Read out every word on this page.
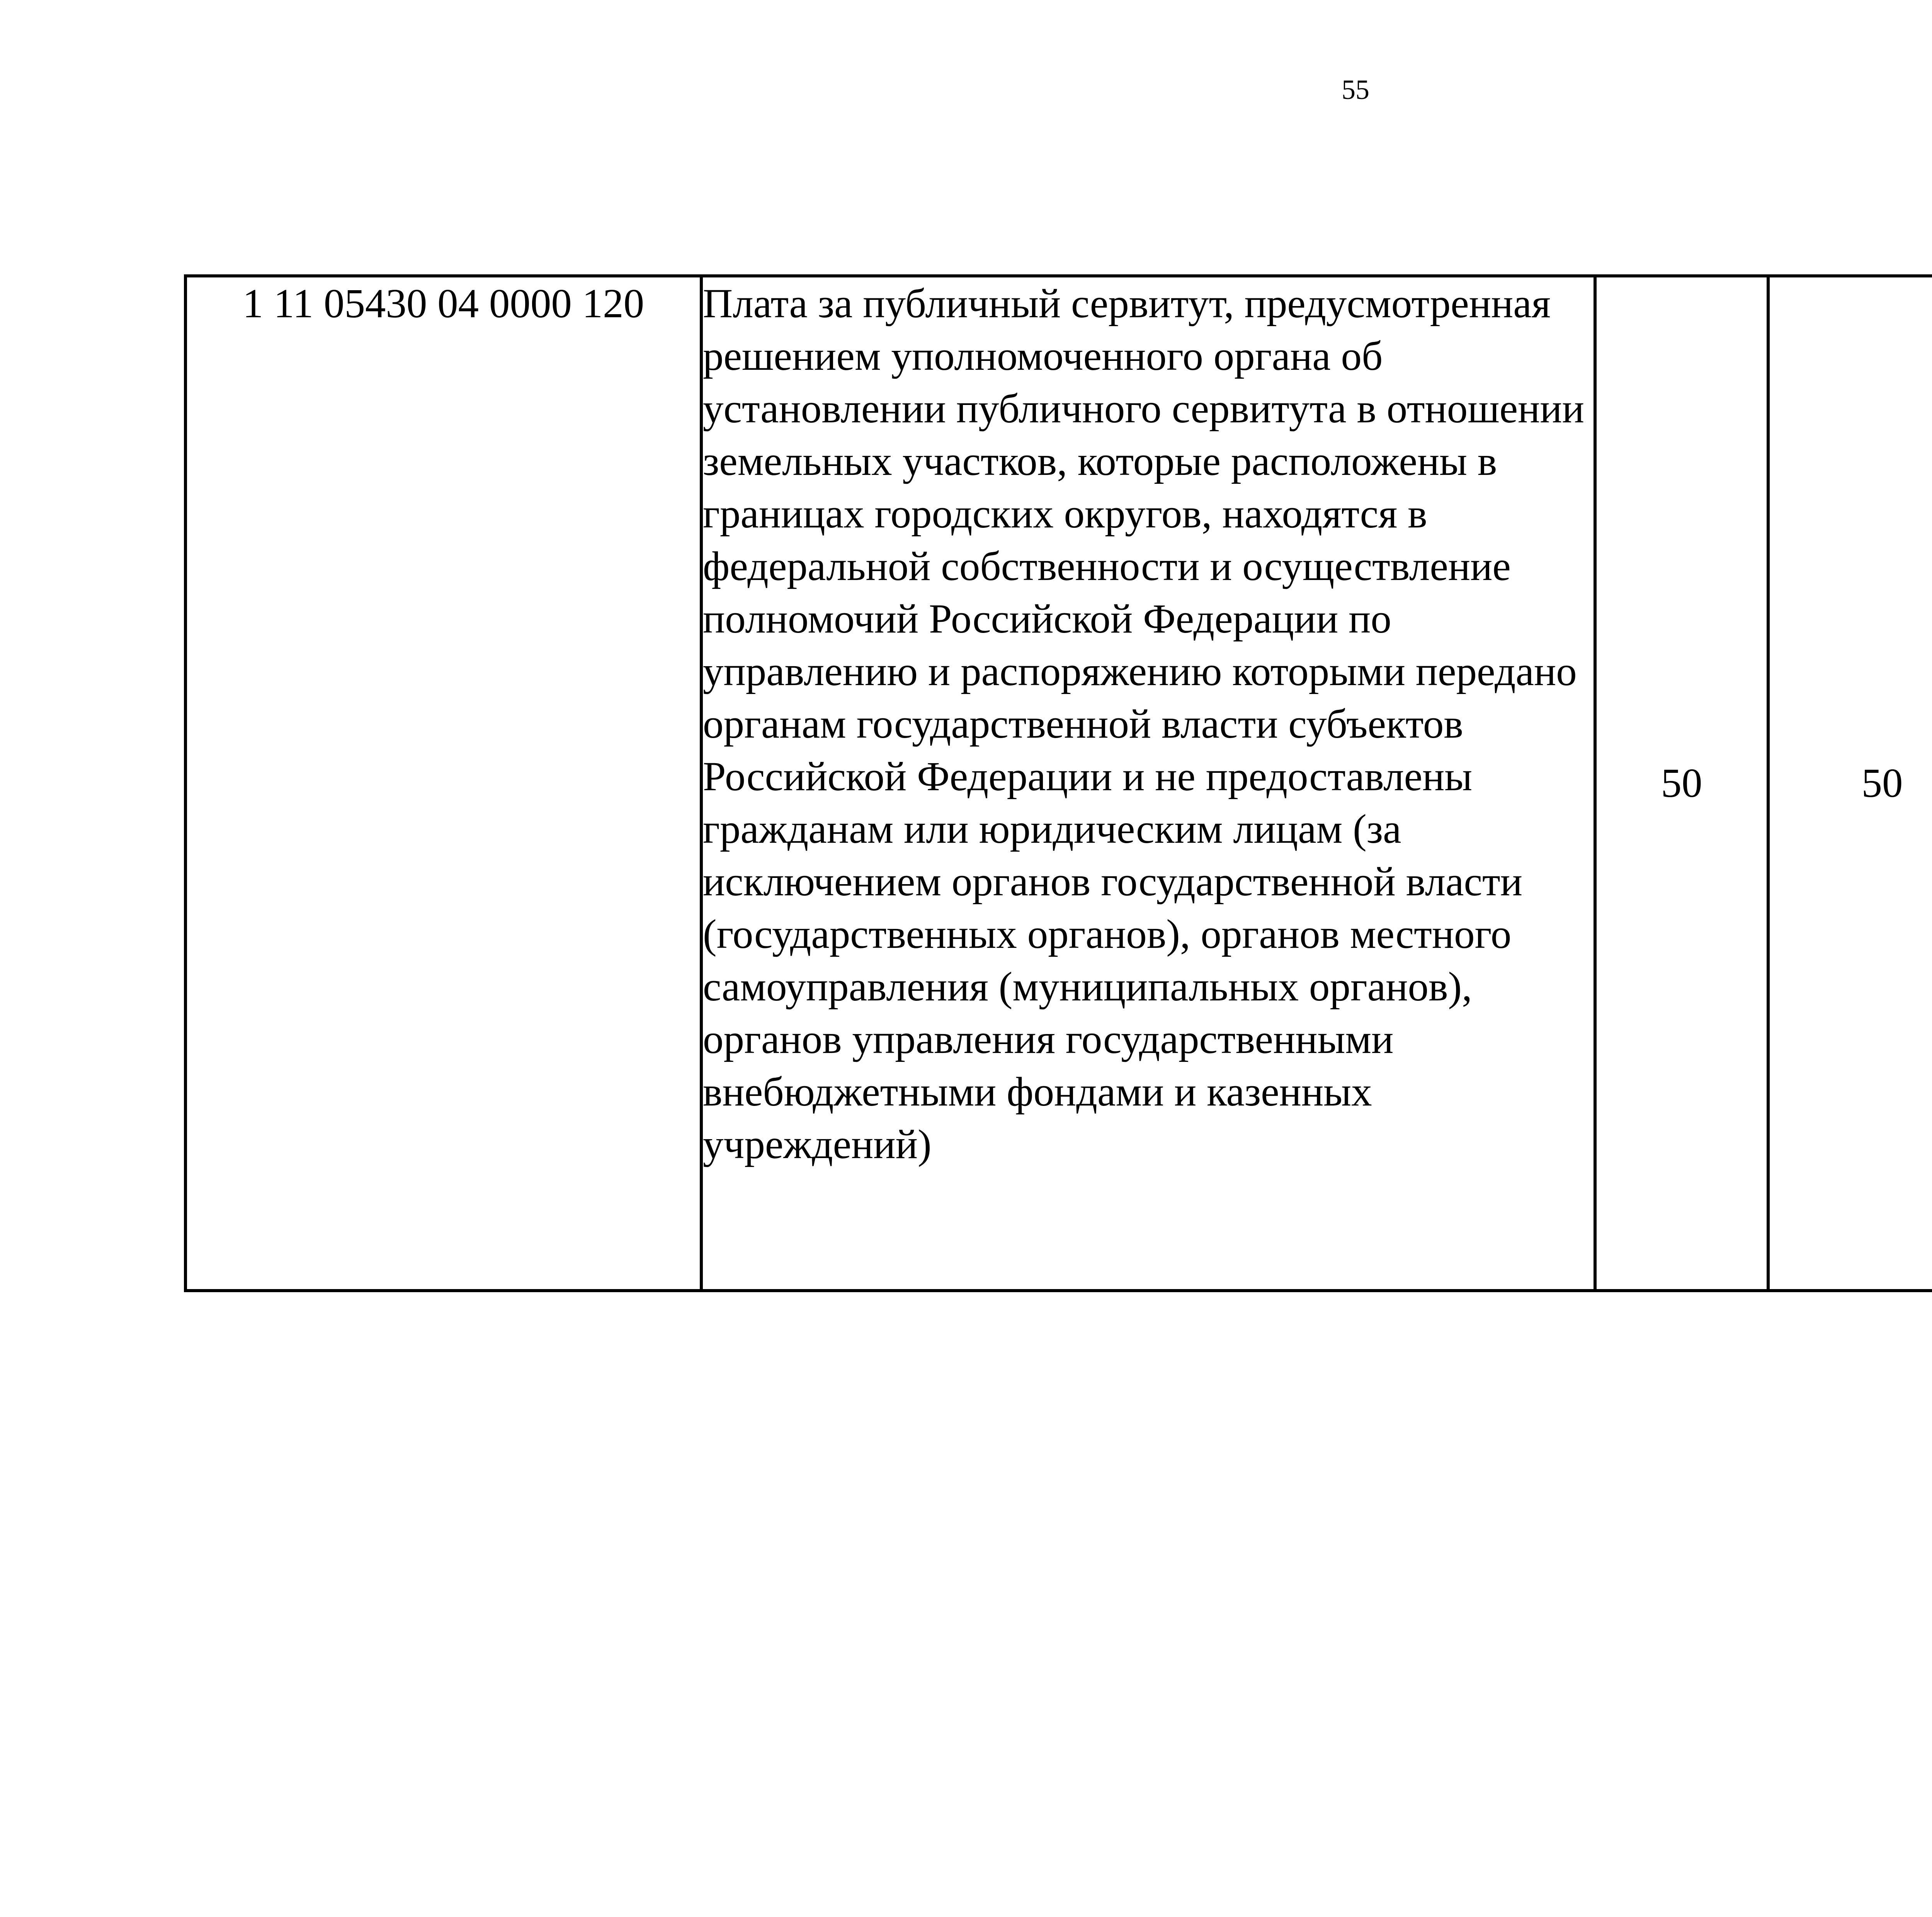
55
1 11 05430 04 0000 120	Плата за публичный сервитут, предусмотренная решением уполномоченного органа об установлении публичного сервитута в отношении земельных участков, которые расположены в границах городских округов, находятся в федеральной собственности и осуществление полномочий Российской Федерации по управлению и распоряжению которыми передано органам государственной власти субъектов Российской Федерации и не предоставлены гражданам или юридическим лицам (за исключением органов государственной власти (государственных органов), органов местного самоуправления (муниципальных органов), органов управления государственными внебюджетными фондами и казенных учреждений)	50	50			
